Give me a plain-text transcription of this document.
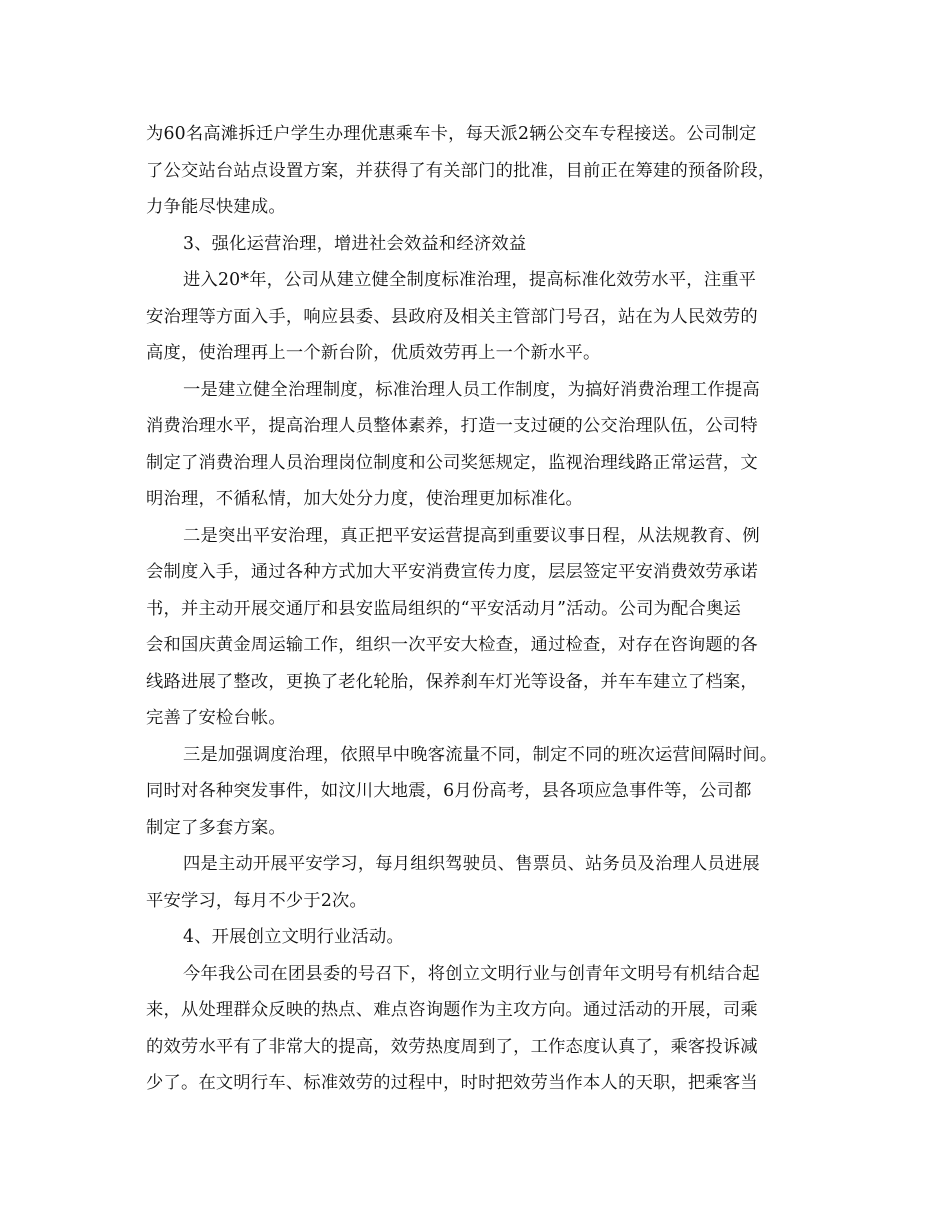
为60名高滩拆迁户学生办理优惠乘车卡，每天派2辆公交车专程接送。公司制定
了公交站台站点设置方案，并获得了有关部门的批准，目前正在筹建的预备阶段，
力争能尽快建成。
3、强化运营治理，增进社会效益和经济效益
进入20*年，公司从建立健全制度标准治理，提高标准化效劳水平，注重平
安治理等方面入手，响应县委、县政府及相关主管部门号召，站在为人民效劳的
高度，使治理再上一个新台阶，优质效劳再上一个新水平。
一是建立健全治理制度，标准治理人员工作制度，为搞好消费治理工作提高
消费治理水平，提高治理人员整体素养，打造一支过硬的公交治理队伍，公司特
制定了消费治理人员治理岗位制度和公司奖惩规定，监视治理线路正常运营，文
明治理，不循私情，加大处分力度，使治理更加标准化。
二是突出平安治理，真正把平安运营提高到重要议事日程，从法规教育、例
会制度入手，通过各种方式加大平安消费宣传力度，层层签定平安消费效劳承诺
书，并主动开展交通厅和县安监局组织的“平安活动月”活动。公司为配合奥运
会和国庆黄金周运输工作，组织一次平安大检查，通过检查，对存在咨询题的各
线路进展了整改，更换了老化轮胎，保养刹车灯光等设备，并车车建立了档案，
完善了安检台帐。
三是加强调度治理，依照早中晚客流量不同，制定不同的班次运营间隔时间。
同时对各种突发事件，如汶川大地震，6月份高考，县各项应急事件等，公司都
制定了多套方案。
四是主动开展平安学习，每月组织驾驶员、售票员、站务员及治理人员进展
平安学习，每月不少于2次。
4、开展创立文明行业活动。
今年我公司在团县委的号召下，将创立文明行业与创青年文明号有机结合起
来，从处理群众反映的热点、难点咨询题作为主攻方向。通过活动的开展，司乘
的效劳水平有了非常大的提高，效劳热度周到了，工作态度认真了，乘客投诉减
少了。在文明行车、标准效劳的过程中，时时把效劳当作本人的天职，把乘客当
